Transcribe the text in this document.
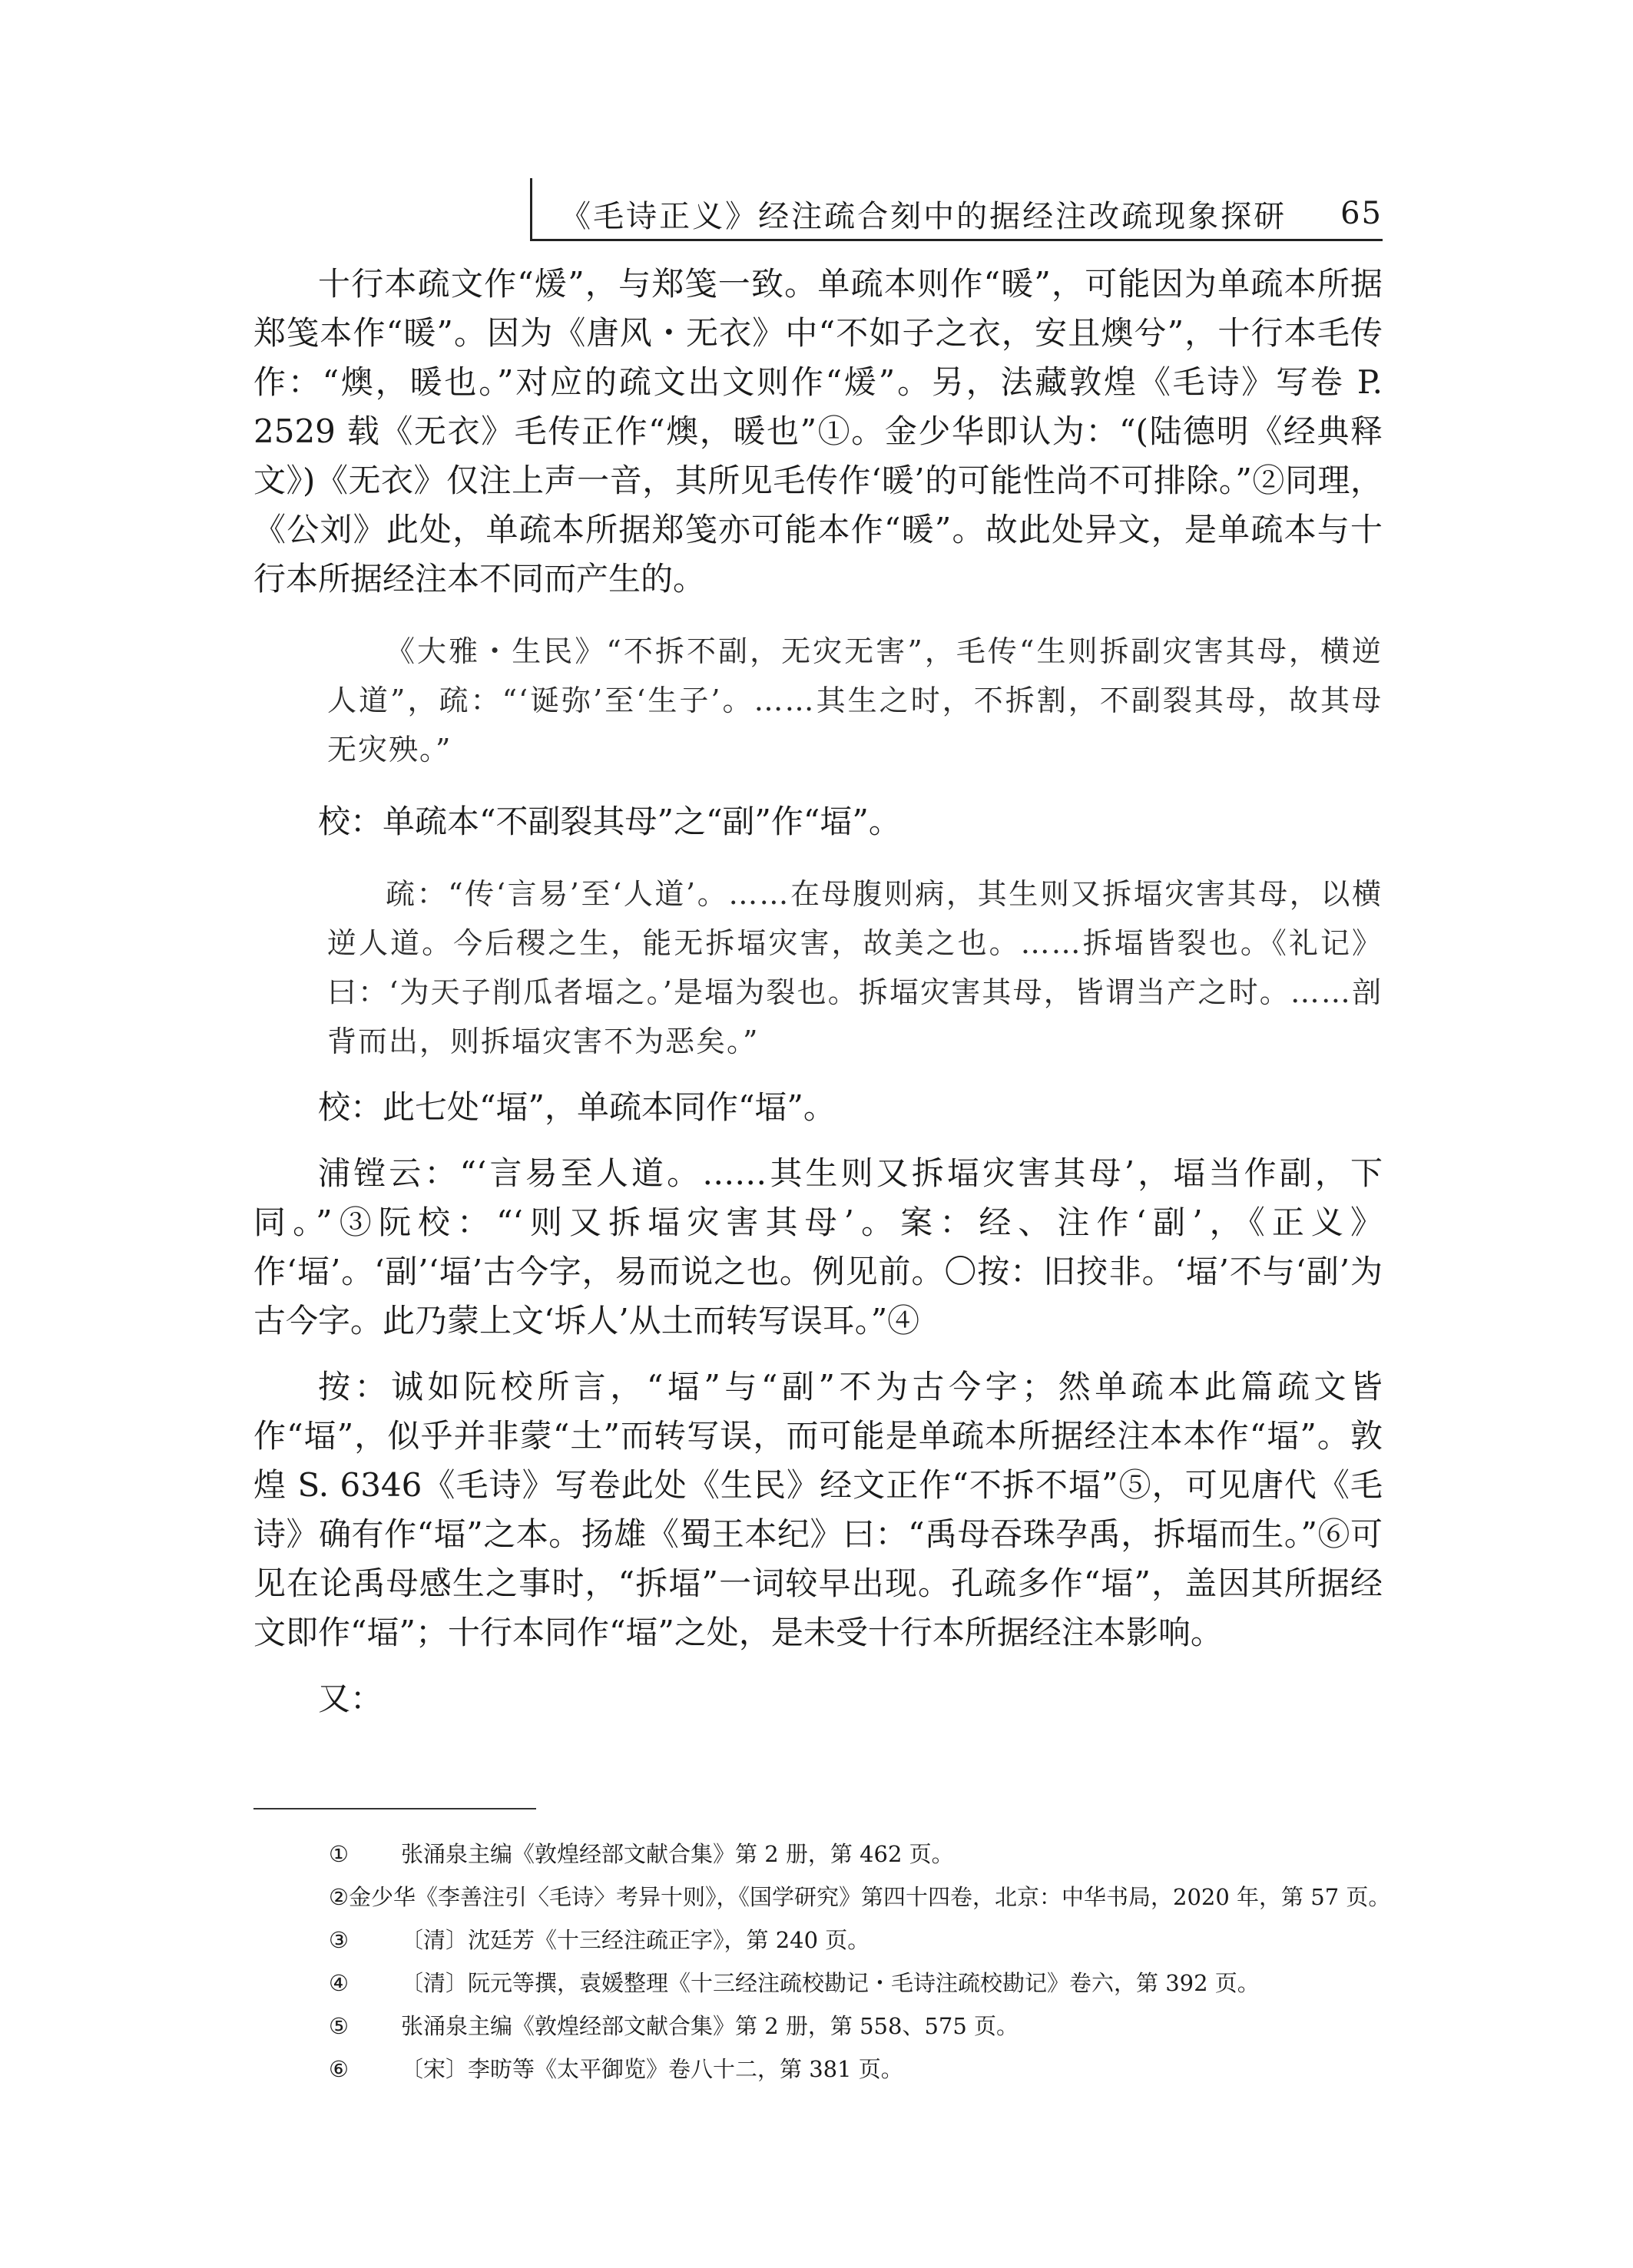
《毛诗正义》经注疏合刻中的据经注改疏现象探研 65

十行本疏文作“煖”，与郑笺一致。单疏本则作“暖”，可能因为单疏本所据郑笺本作“暖”。因为《唐风・无衣》中“不如子之衣，安且燠兮”，十行本毛传作：“燠，暖也。”对应的疏文出文则作“煖”。另，法藏敦煌《毛诗》写卷 P. 2529 载《无衣》毛传正作“燠，暖也”①。金少华即认为：“(陆德明《经典释文》)《无衣》仅注上声一音，其所见毛传作‘暖’的可能性尚不可排除。”②同理，《公刘》此处，单疏本所据郑笺亦可能本作“暖”。故此处异文，是单疏本与十行本所据经注本不同而产生的。

《大雅・生民》“不拆不副，无灾无害”，毛传“生则拆副灾害其母，横逆人道”，疏：“‘诞弥’至‘生子’。……其生之时，不拆割，不副裂其母，故其母无灾殃。”

校：单疏本“不副裂其母”之“副”作“堛”。

疏：“传‘言易’至‘人道’。……在母腹则病，其生则又拆堛灾害其母，以横逆人道。今后稷之生，能无拆堛灾害，故美之也。……拆堛皆裂也。《礼记》曰：‘为天子削瓜者堛之。’是堛为裂也。拆堛灾害其母，皆谓当产之时。……剖背而出，则拆堛灾害不为恶矣。”

校：此七处“堛”，单疏本同作“堛”。

浦镗云：“‘言易至人道。……其生则又拆堛灾害其母’，堛当作副，下同。”③阮校：“‘则又拆堛灾害其母’。案：经、注作‘副’，《正义》作‘堛’。‘副’‘堛’古今字，易而说之也。例见前。〇按：旧挍非。‘堛’不与‘副’为古今字。此乃蒙上文‘坼人’从土而转写误耳。”④

按：诚如阮校所言，“堛”与“副”不为古今字；然单疏本此篇疏文皆作“堛”，似乎并非蒙“土”而转写误，而可能是单疏本所据经注本本作“堛”。敦煌 S. 6346《毛诗》写卷此处《生民》经文正作“不拆不堛”⑤，可见唐代《毛诗》确有作“堛”之本。扬雄《蜀王本纪》曰：“禹母吞珠孕禹，拆堛而生。”⑥可见在论禹母感生之事时，“拆堛”一词较早出现。孔疏多作“堛”，盖因其所据经文即作“堛”；十行本同作“堛”之处，是未受十行本所据经注本影响。

又：

①	张涌泉主编《敦煌经部文献合集》第 2 册，第 462 页。

② 金少华《李善注引〈毛诗〉考异十则》，《国学研究》第四十四卷，北京：中华书局，2020 年，第 57 页。

③	〔清〕沈廷芳《十三经注疏正字》，第 240 页。

④	〔清〕阮元等撰，袁媛整理《十三经注疏校勘记・毛诗注疏校勘记》卷六，第 392 页。

⑤	张涌泉主编《敦煌经部文献合集》第 2 册，第 558、575 页。

⑥	〔宋〕李昉等《太平御览》卷八十二，第 381 页。
